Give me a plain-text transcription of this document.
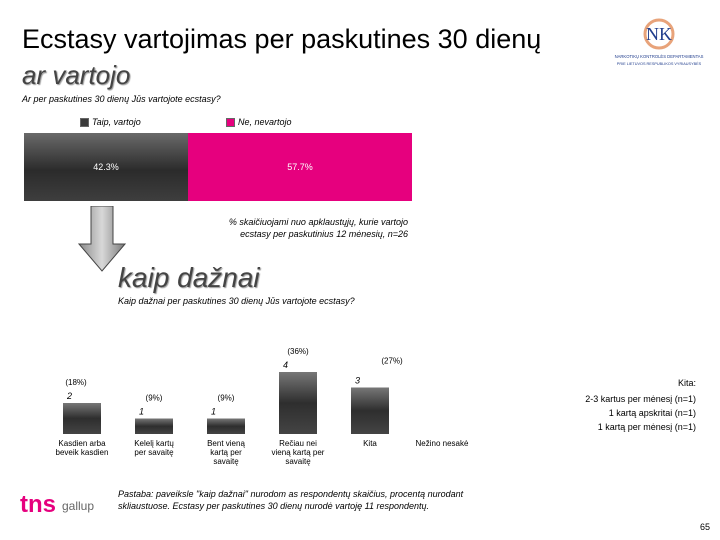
Ecstasy vartojimas per paskutines 30 dienų
ar vartojo
Ar per paskutines 30 dienų Jūs vartojote ecstasy?
NK
NARKOTIKŲ KONTROLĖS DEPARTAMENTAS
PRIE LIETUVOS RESPUBLIKOS VYRIAUSYBĖS
Taip, vartojo	Ne, nevartojo
42.3%	57.7%
% skaičiuojami nuo apklaustųjų, kurie vartojo ecstasy per paskutinius 12 mėnesių, n=26
kaip dažnai
Kaip dažnai per paskutines 30 dienų Jūs vartojote ecstasy?
2
(18%)
Kasdien arba beveik kasdien
1
(9%)
Kelelį kartų per savaitę
1
(9%)
Bent vieną kartą per savaitę
4
(36%)
Rečiau nei vieną kartą per savaitę
3
(27%)
Kita	Nežino nesakė
Kita:
2-3 kartus per mėnesį (n=1)
1 kartą apskritai (n=1)
1 kartą per mėnesį (n=1)
tns gallup
Pastaba: paveiksle "kaip dažnai" nurodom as respondentų skaičius, procentą nurodant skliaustuose. Ecstasy per paskutines 30 dienų nurodė vartoję 11 respondentų.
65
